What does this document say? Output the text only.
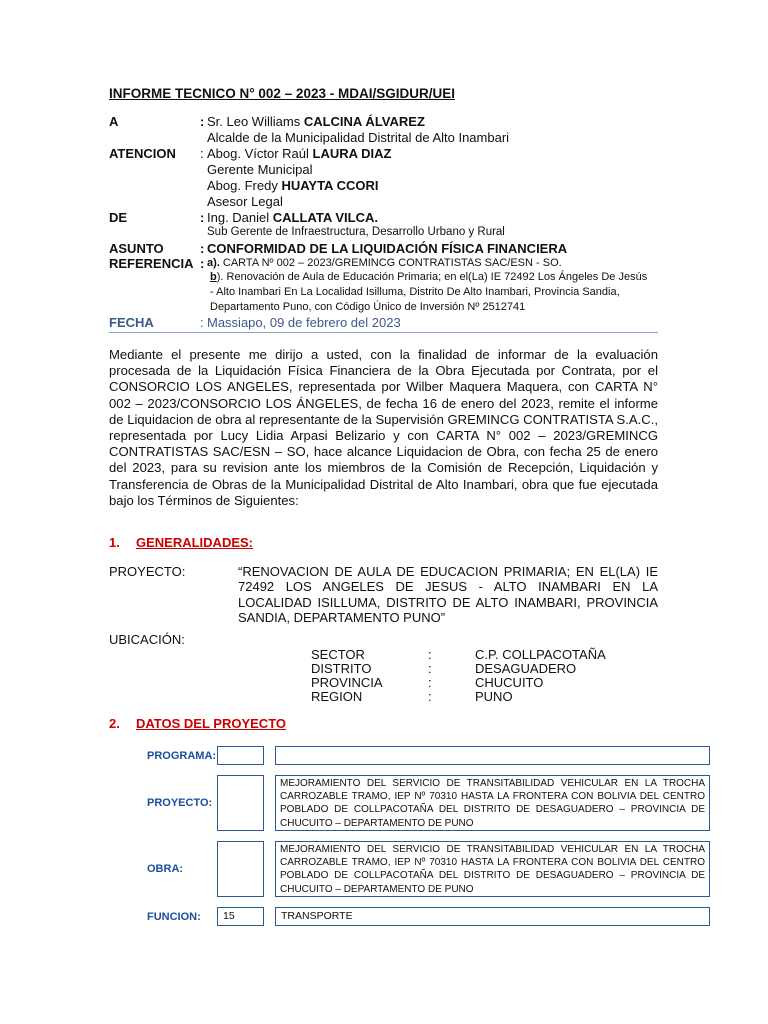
INFORME TECNICO N° 002 – 2023 - MDAI/SGIDUR/UEI
A	: Sr. Leo Williams CALCINA ÁLVAREZ
Alcalde de la Municipalidad Distrital de Alto Inambari
ATENCION : Abog. Víctor Raúl LAURA DIAZ
Gerente Municipal
Abog. Fredy HUAYTA CCORI
Asesor Legal
DE	: Ing. Daniel CALLATA VILCA.
Sub Gerente de Infraestructura, Desarrollo Urbano y Rural
ASUNTO	: CONFORMIDAD DE LA LIQUIDACIÓN FÍSICA FINANCIERA
REFERENCIA : a). CARTA Nº 002 – 2023/GREMINCG CONTRATISTAS SAC/ESN - SO.
b). Renovación de Aula de Educación Primaria; en el(La) IE 72492 Los Ángeles De Jesús
- Alto Inambari En La Localidad Isilluma, Distrito De Alto Inambari, Provincia Sandia,
Departamento Puno, con Código Único de Inversión Nº 2512741
FECHA	: Massiapo, 09 de febrero del 2023
Mediante el presente me dirijo a usted, con la finalidad de informar de la evaluación procesada de la Liquidación Física Financiera de la Obra Ejecutada por Contrata, por el CONSORCIO LOS ANGELES, representada por Wilber Maquera Maquera, con CARTA N° 002 – 2023/CONSORCIO LOS ÁNGELES, de fecha 16 de enero del 2023, remite el informe de Liquidacion de obra al representante de la Supervisión GREMINCG CONTRATISTA S.A.C., representada por Lucy Lidia Arpasi Belizario y con CARTA N° 002 – 2023/GREMINCG CONTRATISTAS SAC/ESN – SO, hace alcance Liquidacion de Obra, con fecha 25 de enero del 2023, para su revision ante los miembros de la Comisión de Recepción, Liquidación y Transferencia de Obras de la Municipalidad Distrital de Alto Inambari, obra que fue ejecutada bajo los Términos de Siguientes:
1. GENERALIDADES:
PROYECTO:	“RENOVACION DE AULA DE EDUCACION PRIMARIA; EN EL(LA) IE 72492 LOS ANGELES DE JESUS - ALTO INAMBARI EN LA LOCALIDAD ISILLUMA, DISTRITO DE ALTO INAMBARI, PROVINCIA SANDIA, DEPARTAMENTO PUNO”
UBICACIÓN:
SECTOR	:	C.P. COLLPACOTAÑA
DISTRITO	:	DESAGUADERO
PROVINCIA	:	CHUCUITO
REGION	:	PUNO
2. DATOS DEL PROYECTO
PROGRAMA:
PROYECTO:
MEJORAMIENTO DEL SERVICIO DE TRANSITABILIDAD VEHICULAR EN LA TROCHA CARROZABLE TRAMO, IEP Nº 70310 HASTA LA FRONTERA CON BOLIVIA DEL CENTRO POBLADO DE COLLPACOTAÑA DEL DISTRITO DE DESAGUADERO – PROVINCIA DE CHUCUITO – DEPARTAMENTO DE PUNO
OBRA:
MEJORAMIENTO DEL SERVICIO DE TRANSITABILIDAD VEHICULAR EN LA TROCHA CARROZABLE TRAMO, IEP Nº 70310 HASTA LA FRONTERA CON BOLIVIA DEL CENTRO POBLADO DE COLLPACOTAÑA DEL DISTRITO DE DESAGUADERO – PROVINCIA DE CHUCUITO – DEPARTAMENTO DE PUNO
FUNCION:	15	TRANSPORTE
